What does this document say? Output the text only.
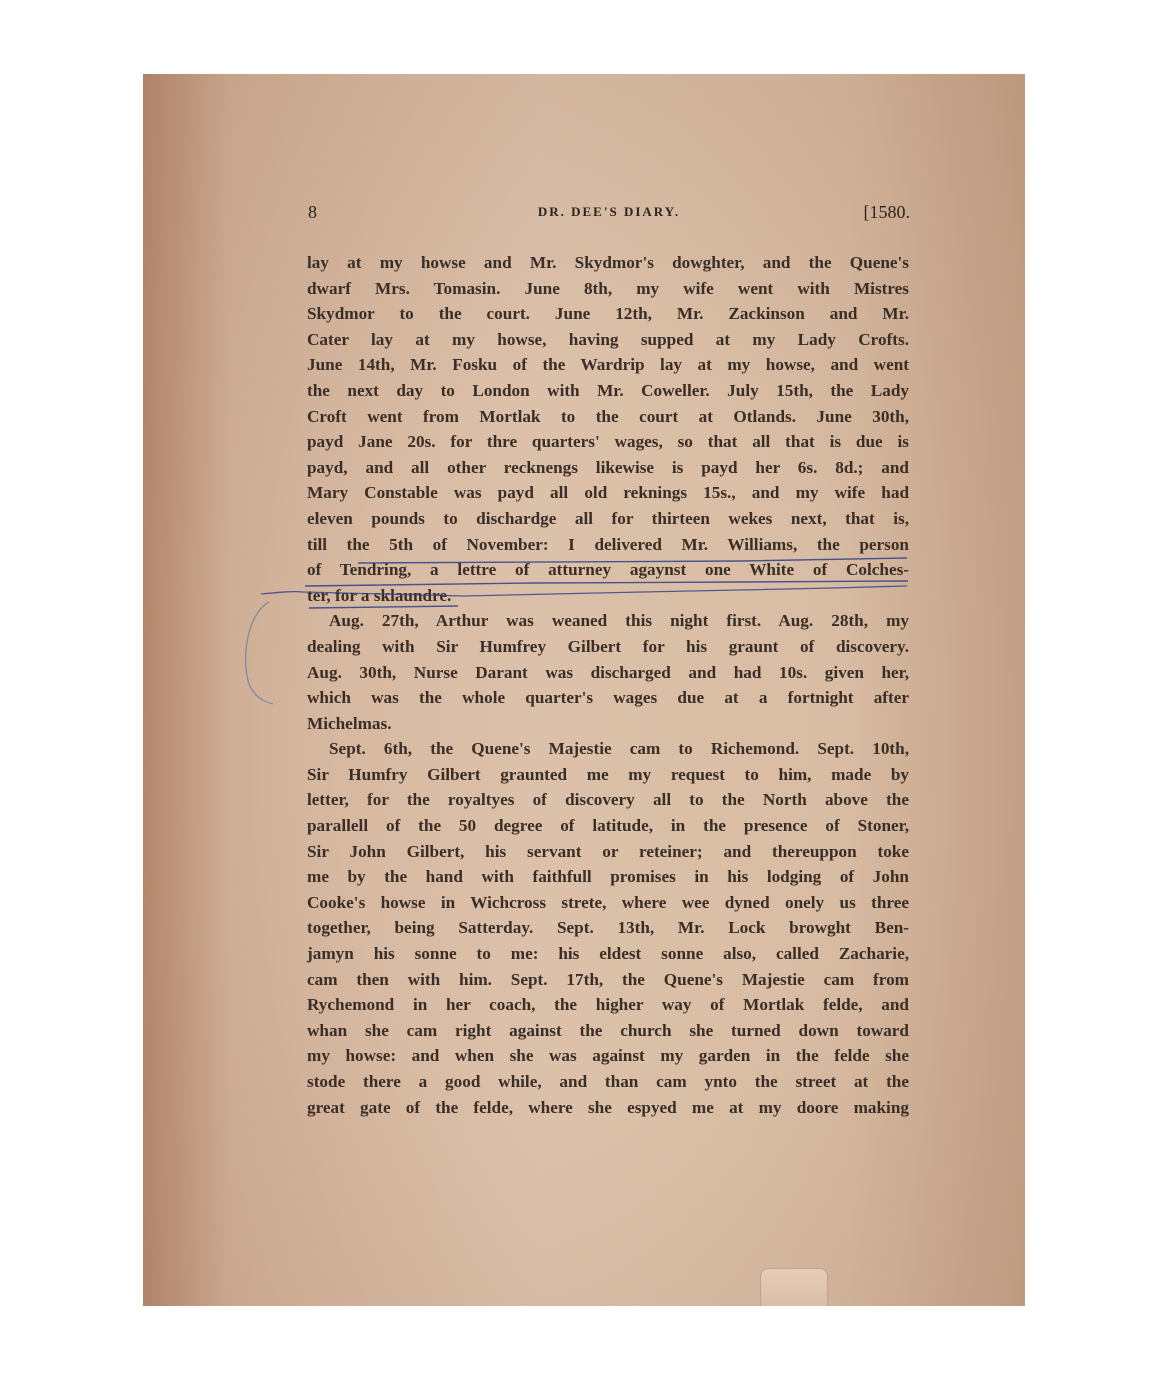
8	DR. DEE'S DIARY.	[1580.
lay at my howse and Mr. Skydmor's dowghter, and the Quene's
dwarf Mrs. Tomasin. June 8th, my wife went with Mistres
Skydmor to the court. June 12th, Mr. Zackinson and Mr.
Cater lay at my howse, having supped at my Lady Crofts.
June 14th, Mr. Fosku of the Wardrip lay at my howse, and went
the next day to London with Mr. Coweller. July 15th, the Lady
Croft went from Mortlak to the court at Otlands. June 30th,
payd Jane 20s. for thre quarters' wages, so that all that is due is
payd, and all other recknengs likewise is payd her 6s. 8d.; and
Mary Constable was payd all old reknings 15s., and my wife had
eleven pounds to dischardge all for thirteen wekes next, that is,
till the 5th of November: I delivered Mr. Williams, the person
of Tendring, a lettre of atturney agaynst one White of Colches-
ter, for a sklaundre.
Aug. 27th, Arthur was weaned this night first. Aug. 28th, my
dealing with Sir Humfrey Gilbert for his graunt of discovery.
Aug. 30th, Nurse Darant was discharged and had 10s. given her,
which was the whole quarter's wages due at a fortnight after
Michelmas.
Sept. 6th, the Quene's Majestie cam to Richemond. Sept. 10th,
Sir Humfry Gilbert graunted me my request to him, made by
letter, for the royaltyes of discovery all to the North above the
parallell of the 50 degree of latitude, in the presence of Stoner,
Sir John Gilbert, his servant or reteiner; and thereuppon toke
me by the hand with faithfull promises in his lodging of John
Cooke's howse in Wichcross strete, where wee dyned onely us three
together, being Satterday. Sept. 13th, Mr. Lock browght Ben-
jamyn his sonne to me: his eldest sonne also, called Zacharie,
cam then with him. Sept. 17th, the Quene's Majestie cam from
Rychemond in her coach, the higher way of Mortlak felde, and
whan she cam right against the church she turned down toward
my howse: and when she was against my garden in the felde she
stode there a good while, and than cam ynto the street at the
great gate of the felde, where she espyed me at my doore making
